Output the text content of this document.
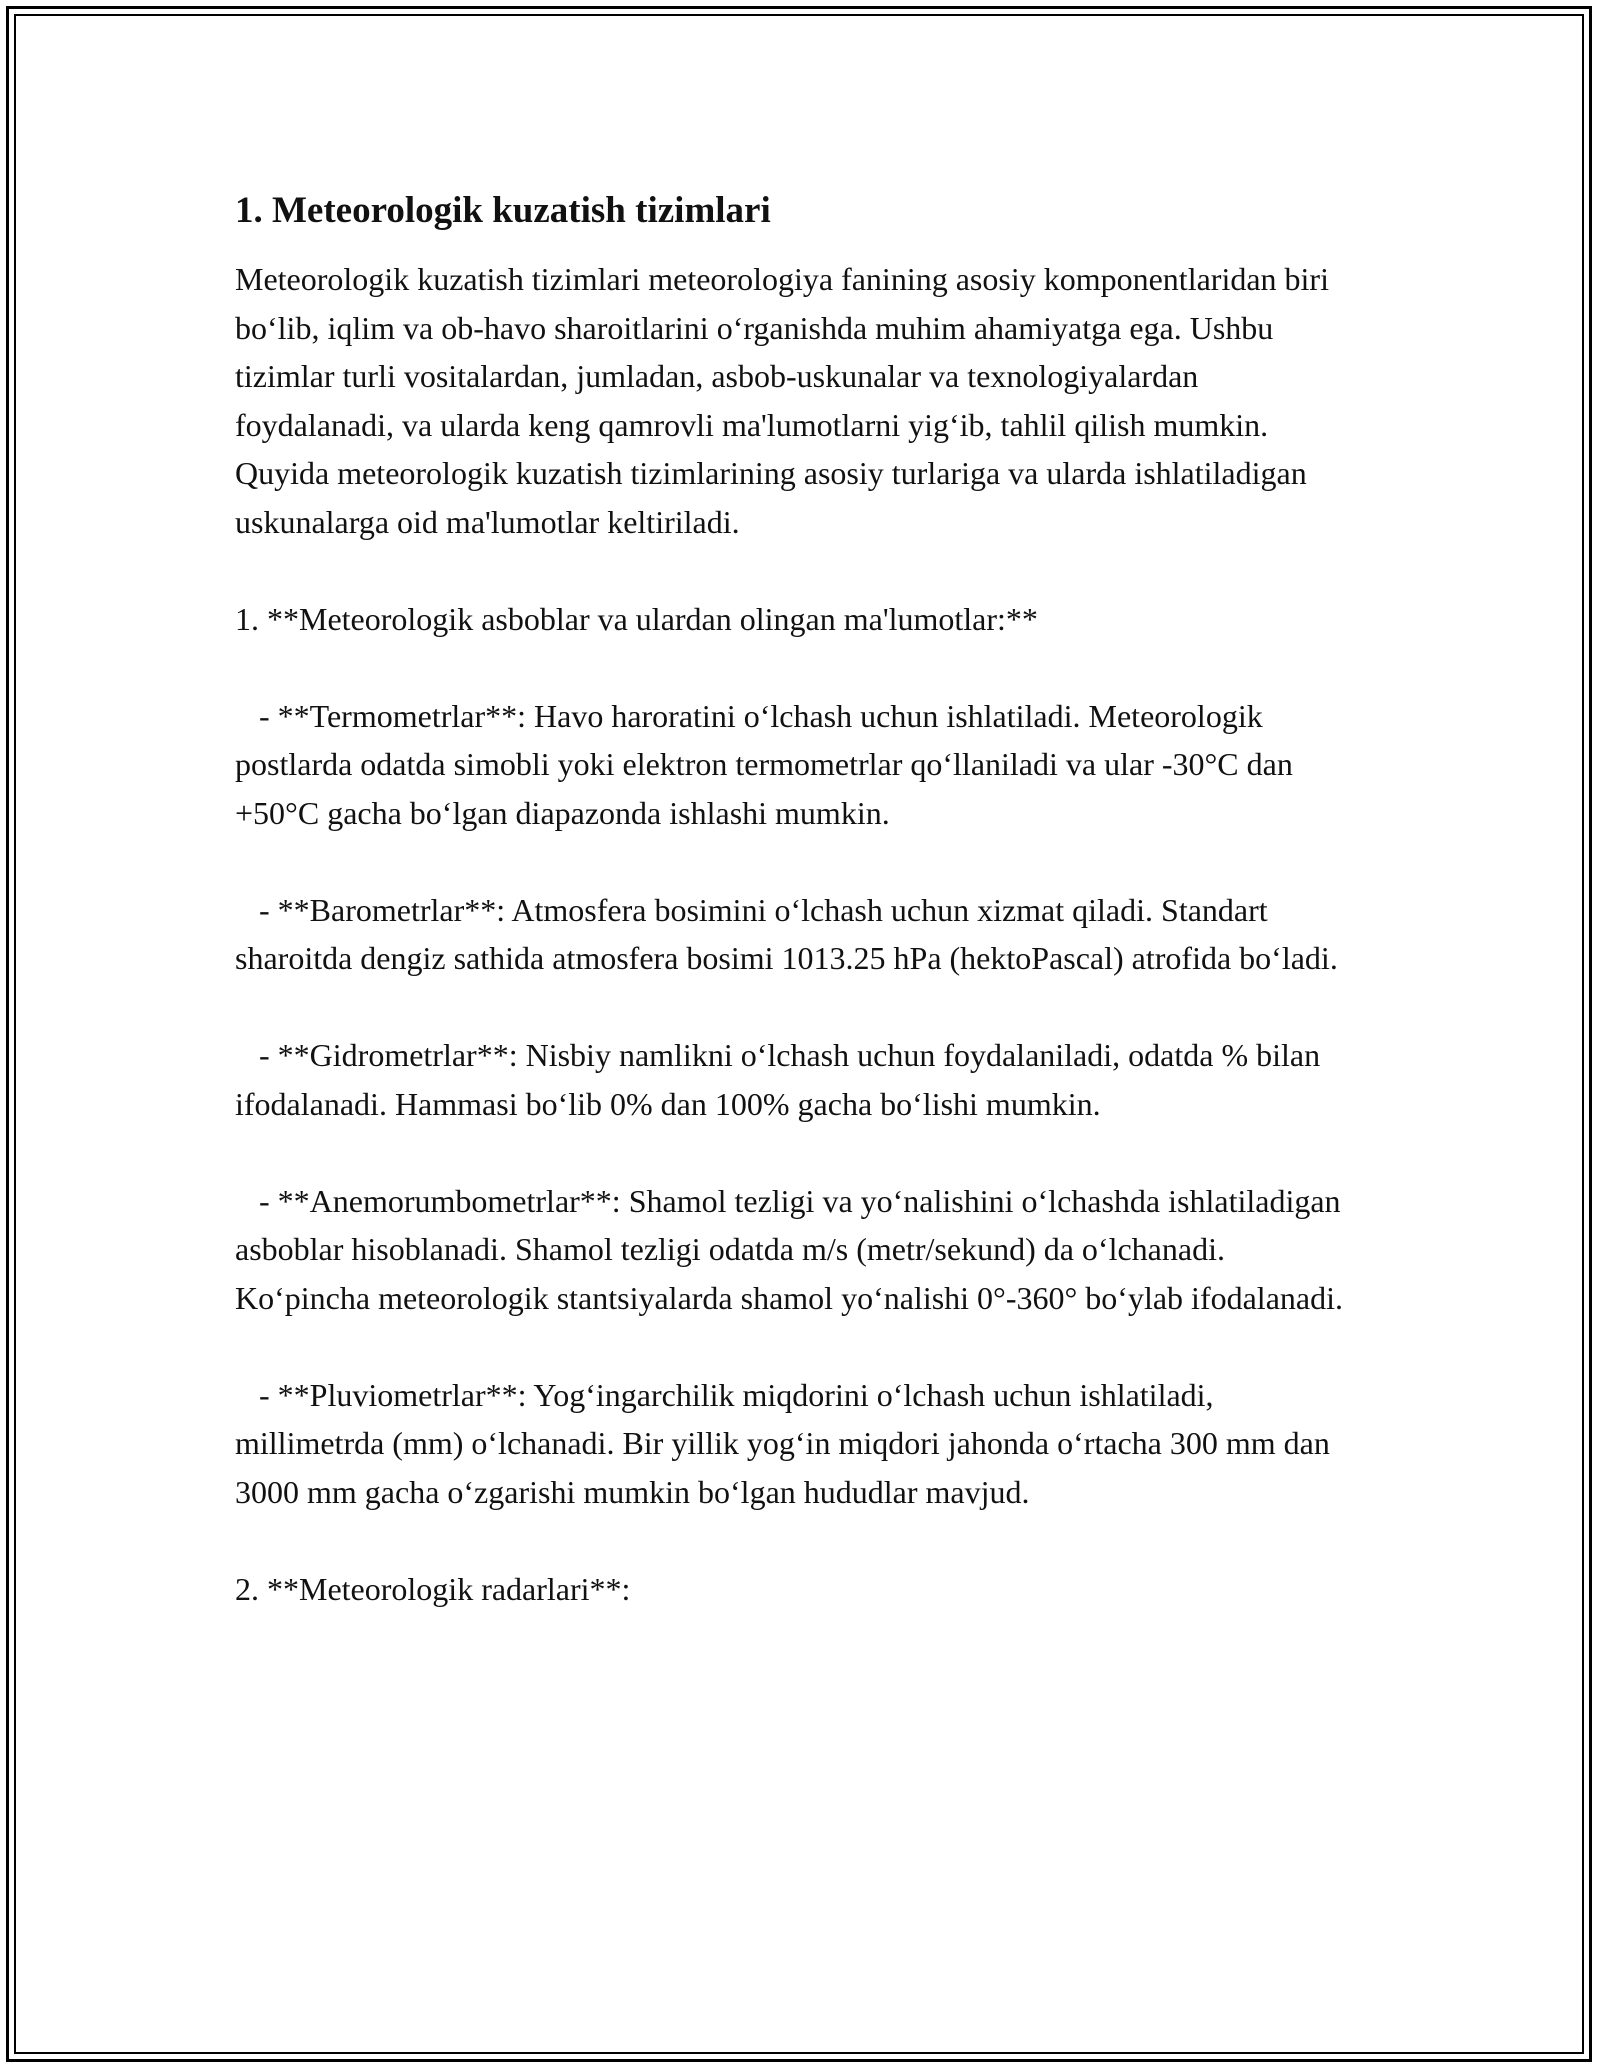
1. Meteorologik kuzatish tizimlari

Meteorologik kuzatish tizimlari meteorologiya fanining asosiy komponentlaridan biri bo‘lib, iqlim va ob-havo sharoitlarini o‘rganishda muhim ahamiyatga ega. Ushbu tizimlar turli vositalardan, jumladan, asbob-uskunalar va texnologiyalardan foydalanadi, va ularda keng qamrovli ma'lumotlarni yig‘ib, tahlil qilish mumkin. Quyida meteorologik kuzatish tizimlarining asosiy turlariga va ularda ishlatiladigan uskunalarga oid ma'lumotlar keltiriladi.

1. **Meteorologik asboblar va ulardan olingan ma'lumotlar:**

- **Termometrlar**: Havo haroratini o‘lchash uchun ishlatiladi. Meteorologik postlarda odatda simobli yoki elektron termometrlar qo‘llaniladi va ular -30°C dan +50°C gacha bo‘lgan diapazonda ishlashi mumkin.

- **Barometrlar**: Atmosfera bosimini o‘lchash uchun xizmat qiladi. Standart sharoitda dengiz sathida atmosfera bosimi 1013.25 hPa (hektoPascal) atrofida bo‘ladi.

- **Gidrometrlar**: Nisbiy namlikni o‘lchash uchun foydalaniladi, odatda % bilan ifodalanadi. Hammasi bo‘lib 0% dan 100% gacha bo‘lishi mumkin.

- **Anemorumbometrlar**: Shamol tezligi va yo‘nalishini o‘lchashda ishlatiladigan asboblar hisoblanadi. Shamol tezligi odatda m/s (metr/sekund) da o‘lchanadi. Ko‘pincha meteorologik stantsiyalarda shamol yo‘nalishi 0°-360° bo‘ylab ifodalanadi.

- **Pluviometrlar**: Yog‘ingarchilik miqdorini o‘lchash uchun ishlatiladi, millimetrda (mm) o‘lchanadi. Bir yillik yog‘in miqdori jahonda o‘rtacha 300 mm dan 3000 mm gacha o‘zgarishi mumkin bo‘lgan hududlar mavjud.

2. **Meteorologik radarlari**:
